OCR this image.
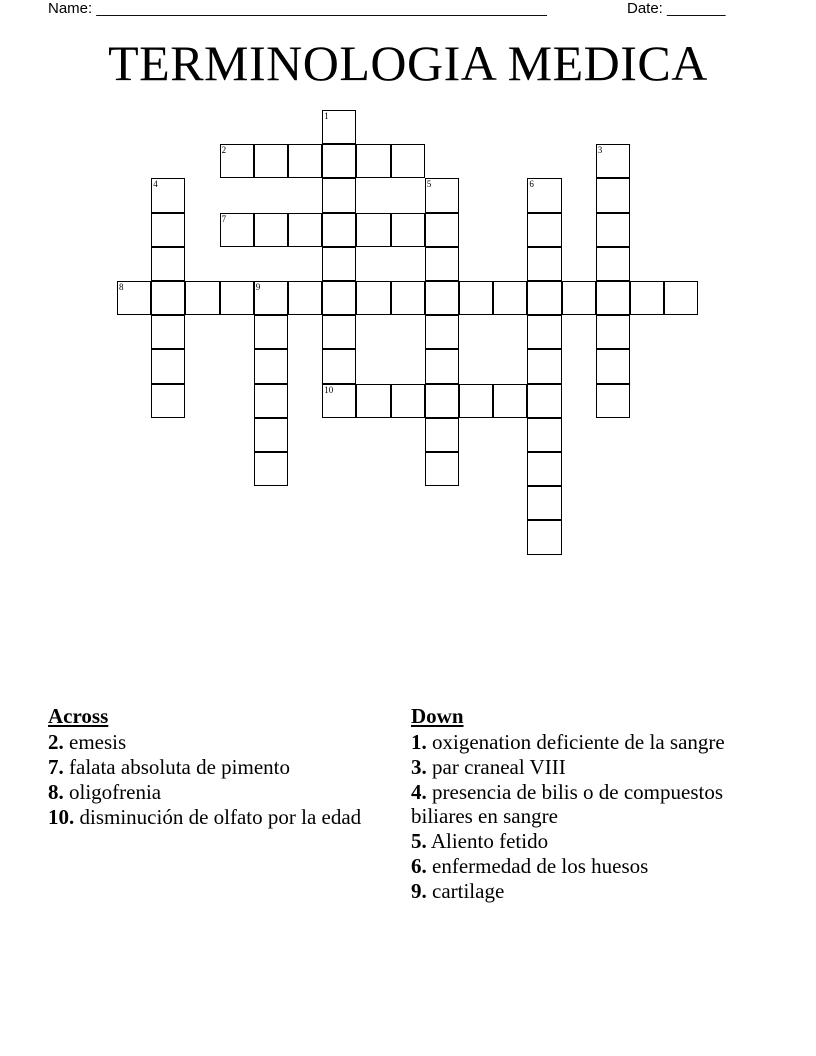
Name: ______________________________________________________	Date: _______
TERMINOLOGIA MEDICA
1
2	3
4	5	6
7
8	9
10
Across
2. emesis
7. falata absoluta de pimento
8. oligofrenia
10. disminución de olfato por la edad
Down
1. oxigenation deficiente de la sangre
3. par craneal VIII
4. presencia de bilis o de compuestos biliares en sangre
5. Aliento fetido
6. enfermedad de los huesos
9. cartilage
